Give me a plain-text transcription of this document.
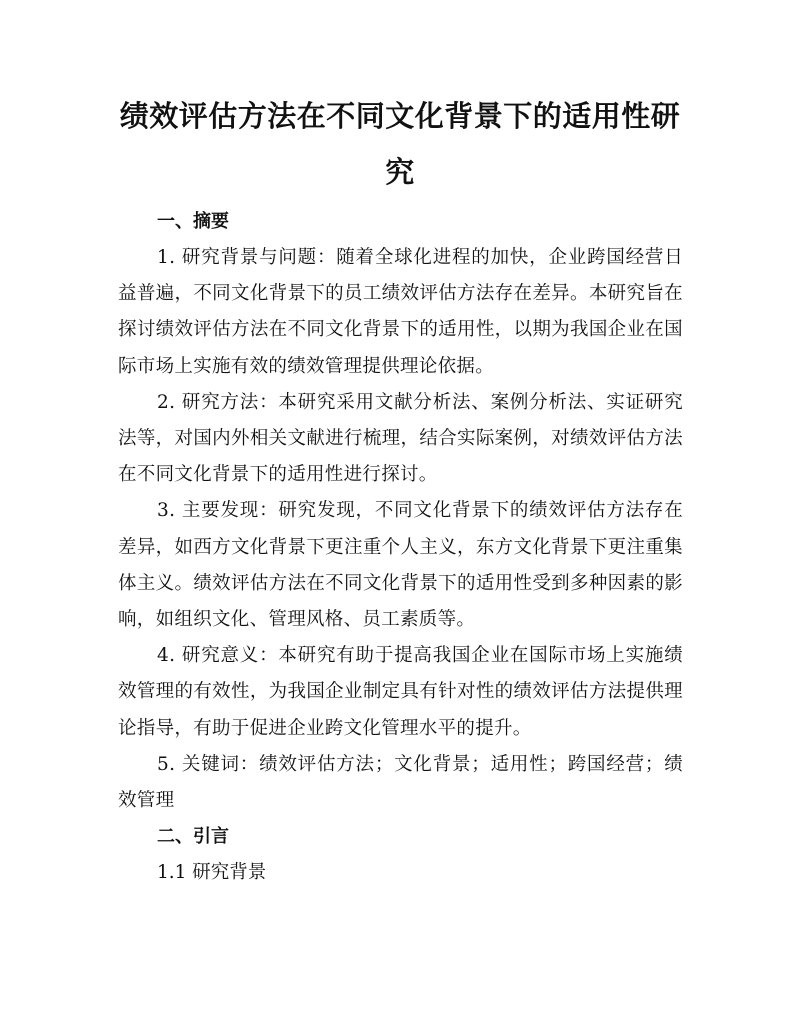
绩效评估方法在不同文化背景下的适用性研究

一、摘要

1. 研究背景与问题：随着全球化进程的加快，企业跨国经营日益普遍，不同文化背景下的员工绩效评估方法存在差异。本研究旨在探讨绩效评估方法在不同文化背景下的适用性，以期为我国企业在国际市场上实施有效的绩效管理提供理论依据。

2. 研究方法：本研究采用文献分析法、案例分析法、实证研究法等，对国内外相关文献进行梳理，结合实际案例，对绩效评估方法在不同文化背景下的适用性进行探讨。

3. 主要发现：研究发现，不同文化背景下的绩效评估方法存在差异，如西方文化背景下更注重个人主义，东方文化背景下更注重集体主义。绩效评估方法在不同文化背景下的适用性受到多种因素的影响，如组织文化、管理风格、员工素质等。

4. 研究意义：本研究有助于提高我国企业在国际市场上实施绩效管理的有效性，为我国企业制定具有针对性的绩效评估方法提供理论指导，有助于促进企业跨文化管理水平的提升。

5. 关键词：绩效评估方法；文化背景；适用性；跨国经营；绩效管理

二、引言

1.1 研究背景
